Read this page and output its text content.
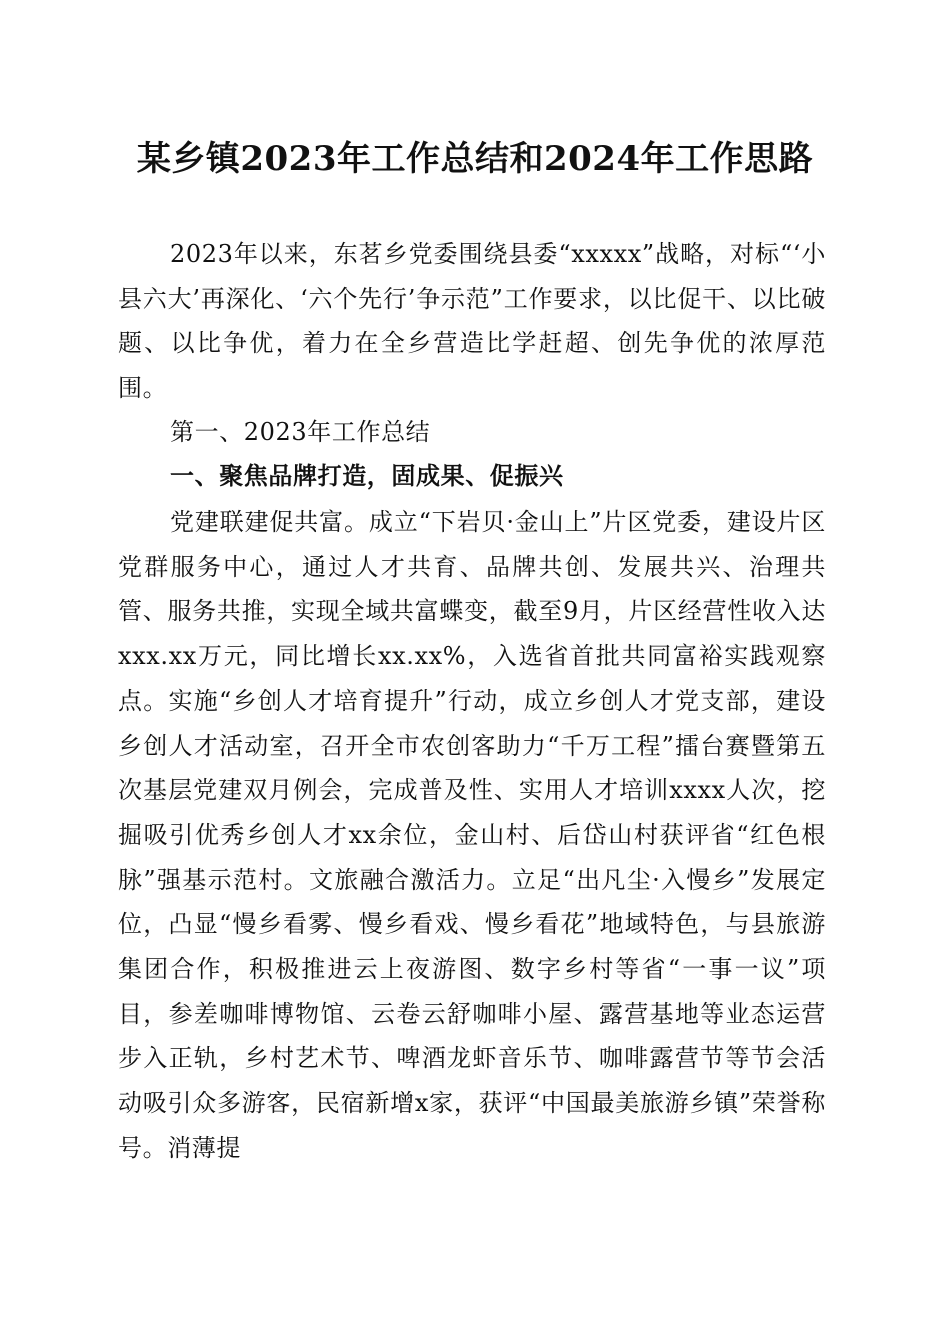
某乡镇2023年工作总结和2024年工作思路

2023年以来，东茗乡党委围绕县委“xxxxx”战略，对标“‘小县六大’再深化、‘六个先行’争示范”工作要求，以比促干、以比破题、以比争优，着力在全乡营造比学赶超、创先争优的浓厚范围。

第一、2023年工作总结
一、聚焦品牌打造，固成果、促振兴

党建联建促共富。成立“下岩贝·金山上”片区党委，建设片区党群服务中心，通过人才共育、品牌共创、发展共兴、治理共管、服务共推，实现全域共富蝶变，截至9月，片区经营性收入达xxx.xx万元，同比增长xx.xx%，入选省首批共同富裕实践观察点。实施“乡创人才培育提升”行动，成立乡创人才党支部，建设乡创人才活动室，召开全市农创客助力“千万工程”擂台赛暨第五次基层党建双月例会，完成普及性、实用人才培训xxxx人次，挖掘吸引优秀乡创人才xx余位，金山村、后岱山村获评省“红色根脉”强基示范村。文旅融合激活力。立足“出凡尘·入慢乡”发展定位，凸显“慢乡看雾、慢乡看戏、慢乡看花”地域特色，与县旅游集团合作，积极推进云上夜游图、数字乡村等省“一事一议”项目，参差咖啡博物馆、云卷云舒咖啡小屋、露营基地等业态运营步入正轨，乡村艺术节、啤酒龙虾音乐节、咖啡露营节等节会活动吸引众多游客，民宿新增x家，获评“中国最美旅游乡镇”荣誉称号。消薄提
